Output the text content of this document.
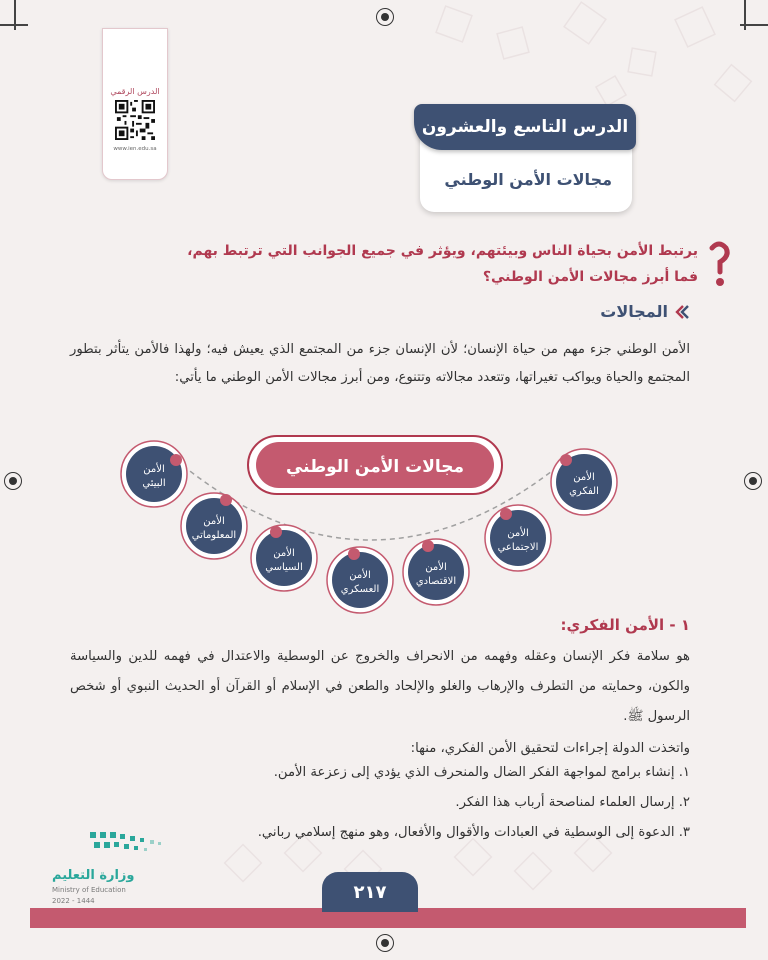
الدرس الرقمي
www.ien.edu.sa
الدرس التاسع والعشرون
مجالات الأمن الوطني
يرتبط الأمن بحياة الناس وبيئتهم، ويؤثر في جميع الجوانب التي ترتبط بهم،
فما أبرز مجالات الأمن الوطني؟
المجالات
الأمن الوطني جزء مهم من حياة الإنسان؛ لأن الإنسان جزء من المجتمع الذي يعيش فيه؛ ولهذا فالأمن يتأثر بتطور المجتمع والحياة ويواكب تغيراتها، وتتعدد مجالاته وتتنوع، ومن أبرز مجالات الأمن الوطني ما يأتي:
مجالات الأمن الوطني
الأمن
الفكري
الأمن
الاجتماعي
الأمن
الاقتصادي
الأمن
العسكري
الأمن
السياسي
الأمن
المعلوماتي
الأمن
البيئي
١ - الأمن الفكري:
هو سلامة فكر الإنسان وعقله وفهمه من الانحراف والخروج عن الوسطية والاعتدال في فهمه للدين والسياسة والكون، وحمايته من التطرف والإرهاب والغلو والإلحاد والطعن في الإسلام أو القرآن أو الحديث النبوي أو شخص الرسول ﷺ.
واتخذت الدولة إجراءات لتحقيق الأمن الفكري، منها:
١. إنشاء برامج لمواجهة الفكر الضال والمنحرف الذي يؤدي إلى زعزعة الأمن.
٢. إرسال العلماء لمناصحة أرباب هذا الفكر.
٣. الدعوة إلى الوسطية في العبادات والأقوال والأفعال، وهو منهج إسلامي رباني.
وزارة التعليم
Ministry of Education
2022 - 1444	٢١٧
